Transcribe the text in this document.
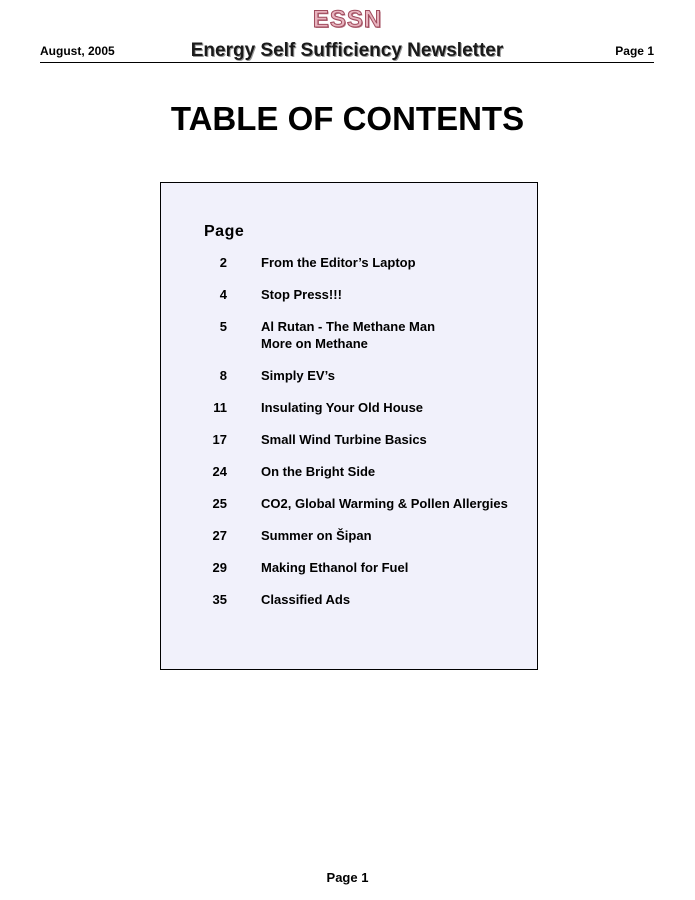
ESSN
August, 2005	Energy Self Sufficiency Newsletter	Page 1
TABLE OF CONTENTS
Page
2	From the Editor’s Laptop
4	Stop Press!!!
5	Al Rutan - The Methane Man
More on Methane
8	Simply EV’s
11	Insulating Your Old House
17	Small Wind Turbine Basics
24	On the Bright Side
25	CO2, Global Warming & Pollen Allergies
27	Summer on Šipan
29	Making Ethanol for Fuel
35	Classified Ads
Page 1
